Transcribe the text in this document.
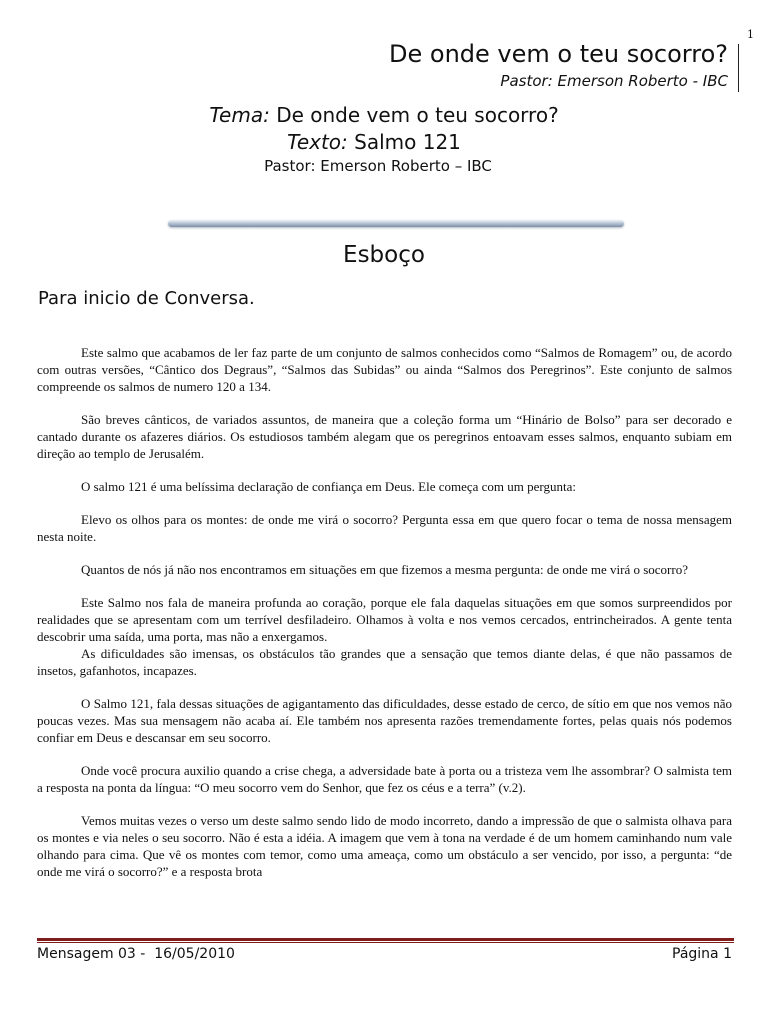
De onde vem o teu socorro?
Pastor: Emerson Roberto - IBC
1
Tema: De onde vem o teu socorro?
Texto: Salmo 121
Pastor: Emerson Roberto – IBC
Esboço
Para inicio de Conversa.

Este salmo que acabamos de ler faz parte de um conjunto de salmos conhecidos como “Salmos de Romagem” ou, de acordo com outras versões, “Cântico dos Degraus”, “Salmos das Subidas” ou ainda “Salmos dos Peregrinos”. Este conjunto de salmos compreende os salmos de numero 120 a 134.

São breves cânticos, de variados assuntos, de maneira que a coleção forma um “Hinário de Bolso” para ser decorado e cantado durante os afazeres diários. Os estudiosos também alegam que os peregrinos entoavam esses salmos, enquanto subiam em direção ao templo de Jerusalém.

O salmo 121 é uma belíssima declaração de confiança em Deus. Ele começa com um pergunta:

Elevo os olhos para os montes: de onde me virá o socorro? Pergunta essa em que quero focar o tema de nossa mensagem nesta noite.

Quantos de nós já não nos encontramos em situações em que fizemos a mesma pergunta: de onde me virá o socorro?

Este Salmo nos fala de maneira profunda ao coração, porque ele fala daquelas situações em que somos surpreendidos por realidades que se apresentam com um terrível desfiladeiro. Olhamos à volta e nos vemos cercados, entrincheirados. A gente tenta descobrir uma saída, uma porta, mas não a enxergamos.

As dificuldades são imensas, os obstáculos tão grandes que a sensação que temos diante delas, é que não passamos de insetos, gafanhotos, incapazes.

O Salmo 121, fala dessas situações de agigantamento das dificuldades, desse estado de cerco, de sítio em que nos vemos não poucas vezes. Mas sua mensagem não acaba aí. Ele também nos apresenta razões tremendamente fortes, pelas quais nós podemos confiar em Deus e descansar em seu socorro.

Onde você procura auxilio quando a crise chega, a adversidade bate à porta ou a tristeza vem lhe assombrar? O salmista tem a resposta na ponta da língua: “O meu socorro vem do Senhor, que fez os céus e a terra” (v.2).

Vemos muitas vezes o verso um deste salmo sendo lido de modo incorreto, dando a impressão de que o salmista olhava para os montes e via neles o seu socorro. Não é esta a idéia. A imagem que vem à tona na verdade é de um homem caminhando num vale olhando para cima. Que vê os montes com temor, como uma ameaça, como um obstáculo a ser vencido, por isso, a pergunta: “de onde me virá o socorro?” e a resposta brota

Mensagem 03 -  16/05/2010	Página 1
